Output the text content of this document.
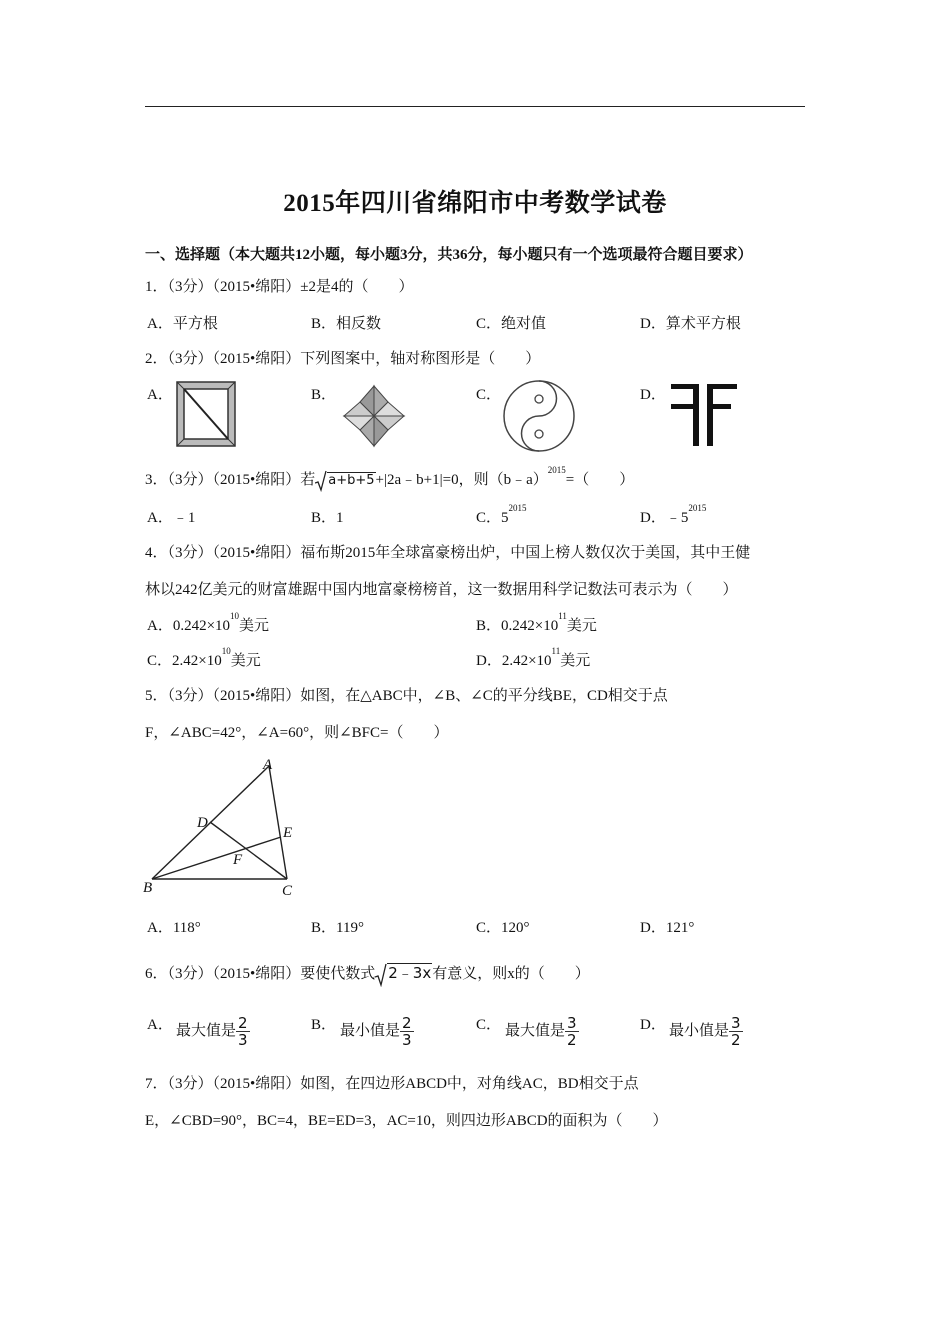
2015年四川省绵阳市中考数学试卷
一、选择题（本大题共12小题，每小题3分，共36分，每小题只有一个选项最符合题目要求）
1．（3分）（2015•绵阳）±2是4的（　　）
A．平方根	B．相反数	C．绝对值	D．算术平方根
2．（3分）（2015•绵阳）下列图案中，轴对称图形是（　　）
A．	B．	C．	D．
3．（3分）（2015•绵阳）若 a+b+5+|2a﹣b+1|=0，则（b﹣a）$^{2015}$=（　　）
A．﹣1	B．1	C．$5^{2015}$
D．$﹣5^{2015}$
4．（3分）（2015•绵阳）福布斯2015年全球富豪榜出炉，中国上榜人数仅次于美国，其中王健
林以242亿美元的财富雄踞中国内地富豪榜榜首，这一数据用科学记数法可表示为（　　）
A．$0.242\times 10^{10}$美元	B．$0.242\times 10^{11}$美元
C．$2.42\times 10^{10}$美元	D．$2.42\times 10^{11}$美元
5．（3分）（2015•绵阳）如图，在△ABC中，∠B、∠C的平分线BE，CD相交于点
F，∠ABC=42°，∠A=60°，则∠BFC=（　　）
A
B	C
D
E
F
A．118°	B．119°	C．120°	D．121°
6．（3分）（2015•绵阳）要使代数式 2﹣3x有意义，则x的（　　）
A． 最大值是 $\frac{2}{3}$	B． 最小值是 $\frac{2}{3}$	C． 最大值是 $\frac{3}{2}$	D． 最小值是 $\frac{3}{2}$
7．（3分）（2015•绵阳）如图，在四边形ABCD中，对角线AC，BD相交于点
E，∠CBD=90°，BC=4，BE=ED=3，AC=10，则四边形ABCD的面积为（　　）
